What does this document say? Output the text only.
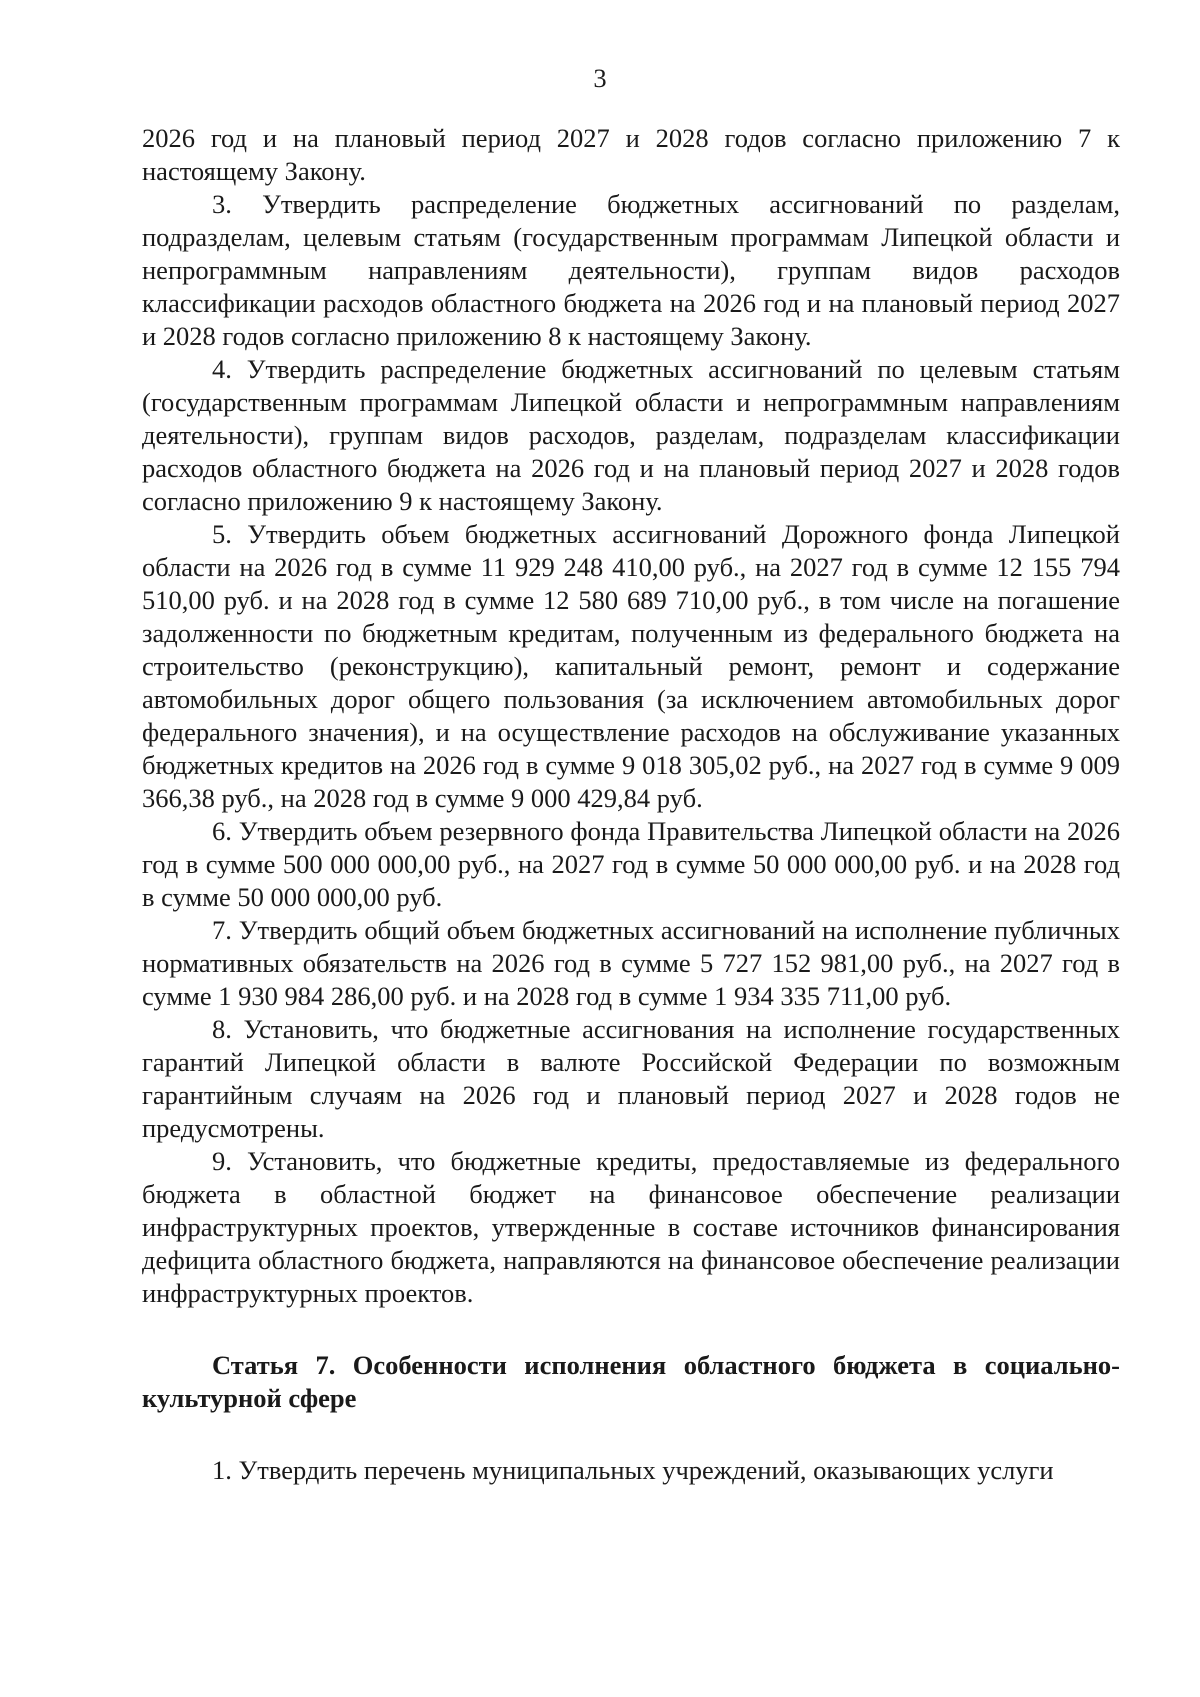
3

2026 год и на плановый период 2027 и 2028 годов согласно приложению 7 к настоящему Закону.

3. Утвердить распределение бюджетных ассигнований по разделам, подразделам, целевым статьям (государственным программам Липецкой области и непрограммным направлениям деятельности), группам видов расходов классификации расходов областного бюджета на 2026 год и на плановый период 2027 и 2028 годов согласно приложению 8 к настоящему Закону.

4. Утвердить распределение бюджетных ассигнований по целевым статьям (государственным программам Липецкой области и непрограммным направлениям деятельности), группам видов расходов, разделам, подразделам классификации расходов областного бюджета на 2026 год и на плановый период 2027 и 2028 годов согласно приложению 9 к настоящему Закону.

5. Утвердить объем бюджетных ассигнований Дорожного фонда Липецкой области на 2026 год в сумме 11 929 248 410,00 руб., на 2027 год в сумме 12 155 794 510,00 руб. и на 2028 год в сумме 12 580 689 710,00 руб., в том числе на погашение задолженности по бюджетным кредитам, полученным из федерального бюджета на строительство (реконструкцию), капитальный ремонт, ремонт и содержание автомобильных дорог общего пользования (за исключением автомобильных дорог федерального значения), и на осуществление расходов на обслуживание указанных бюджетных кредитов на 2026 год в сумме 9 018 305,02 руб., на 2027 год в сумме 9 009 366,38 руб., на 2028 год в сумме 9 000 429,84 руб.

6. Утвердить объем резервного фонда Правительства Липецкой области на 2026 год в сумме 500 000 000,00 руб., на 2027 год в сумме 50 000 000,00 руб. и на 2028 год в сумме 50 000 000,00 руб.

7. Утвердить общий объем бюджетных ассигнований на исполнение публичных нормативных обязательств на 2026 год в сумме 5 727 152 981,00 руб., на 2027 год в сумме 1 930 984 286,00 руб. и на 2028 год в сумме 1 934 335 711,00 руб.

8. Установить, что бюджетные ассигнования на исполнение государственных гарантий Липецкой области в валюте Российской Федерации по возможным гарантийным случаям на 2026 год и плановый период 2027 и 2028 годов не предусмотрены.

9. Установить, что бюджетные кредиты, предоставляемые из федерального бюджета в областной бюджет на финансовое обеспечение реализации инфраструктурных проектов, утвержденные в составе источников финансирования дефицита областного бюджета, направляются на финансовое обеспечение реализации инфраструктурных проектов.

Статья 7. Особенности исполнения областного бюджета в социально-культурной сфере

1. Утвердить перечень муниципальных учреждений, оказывающих услуги
